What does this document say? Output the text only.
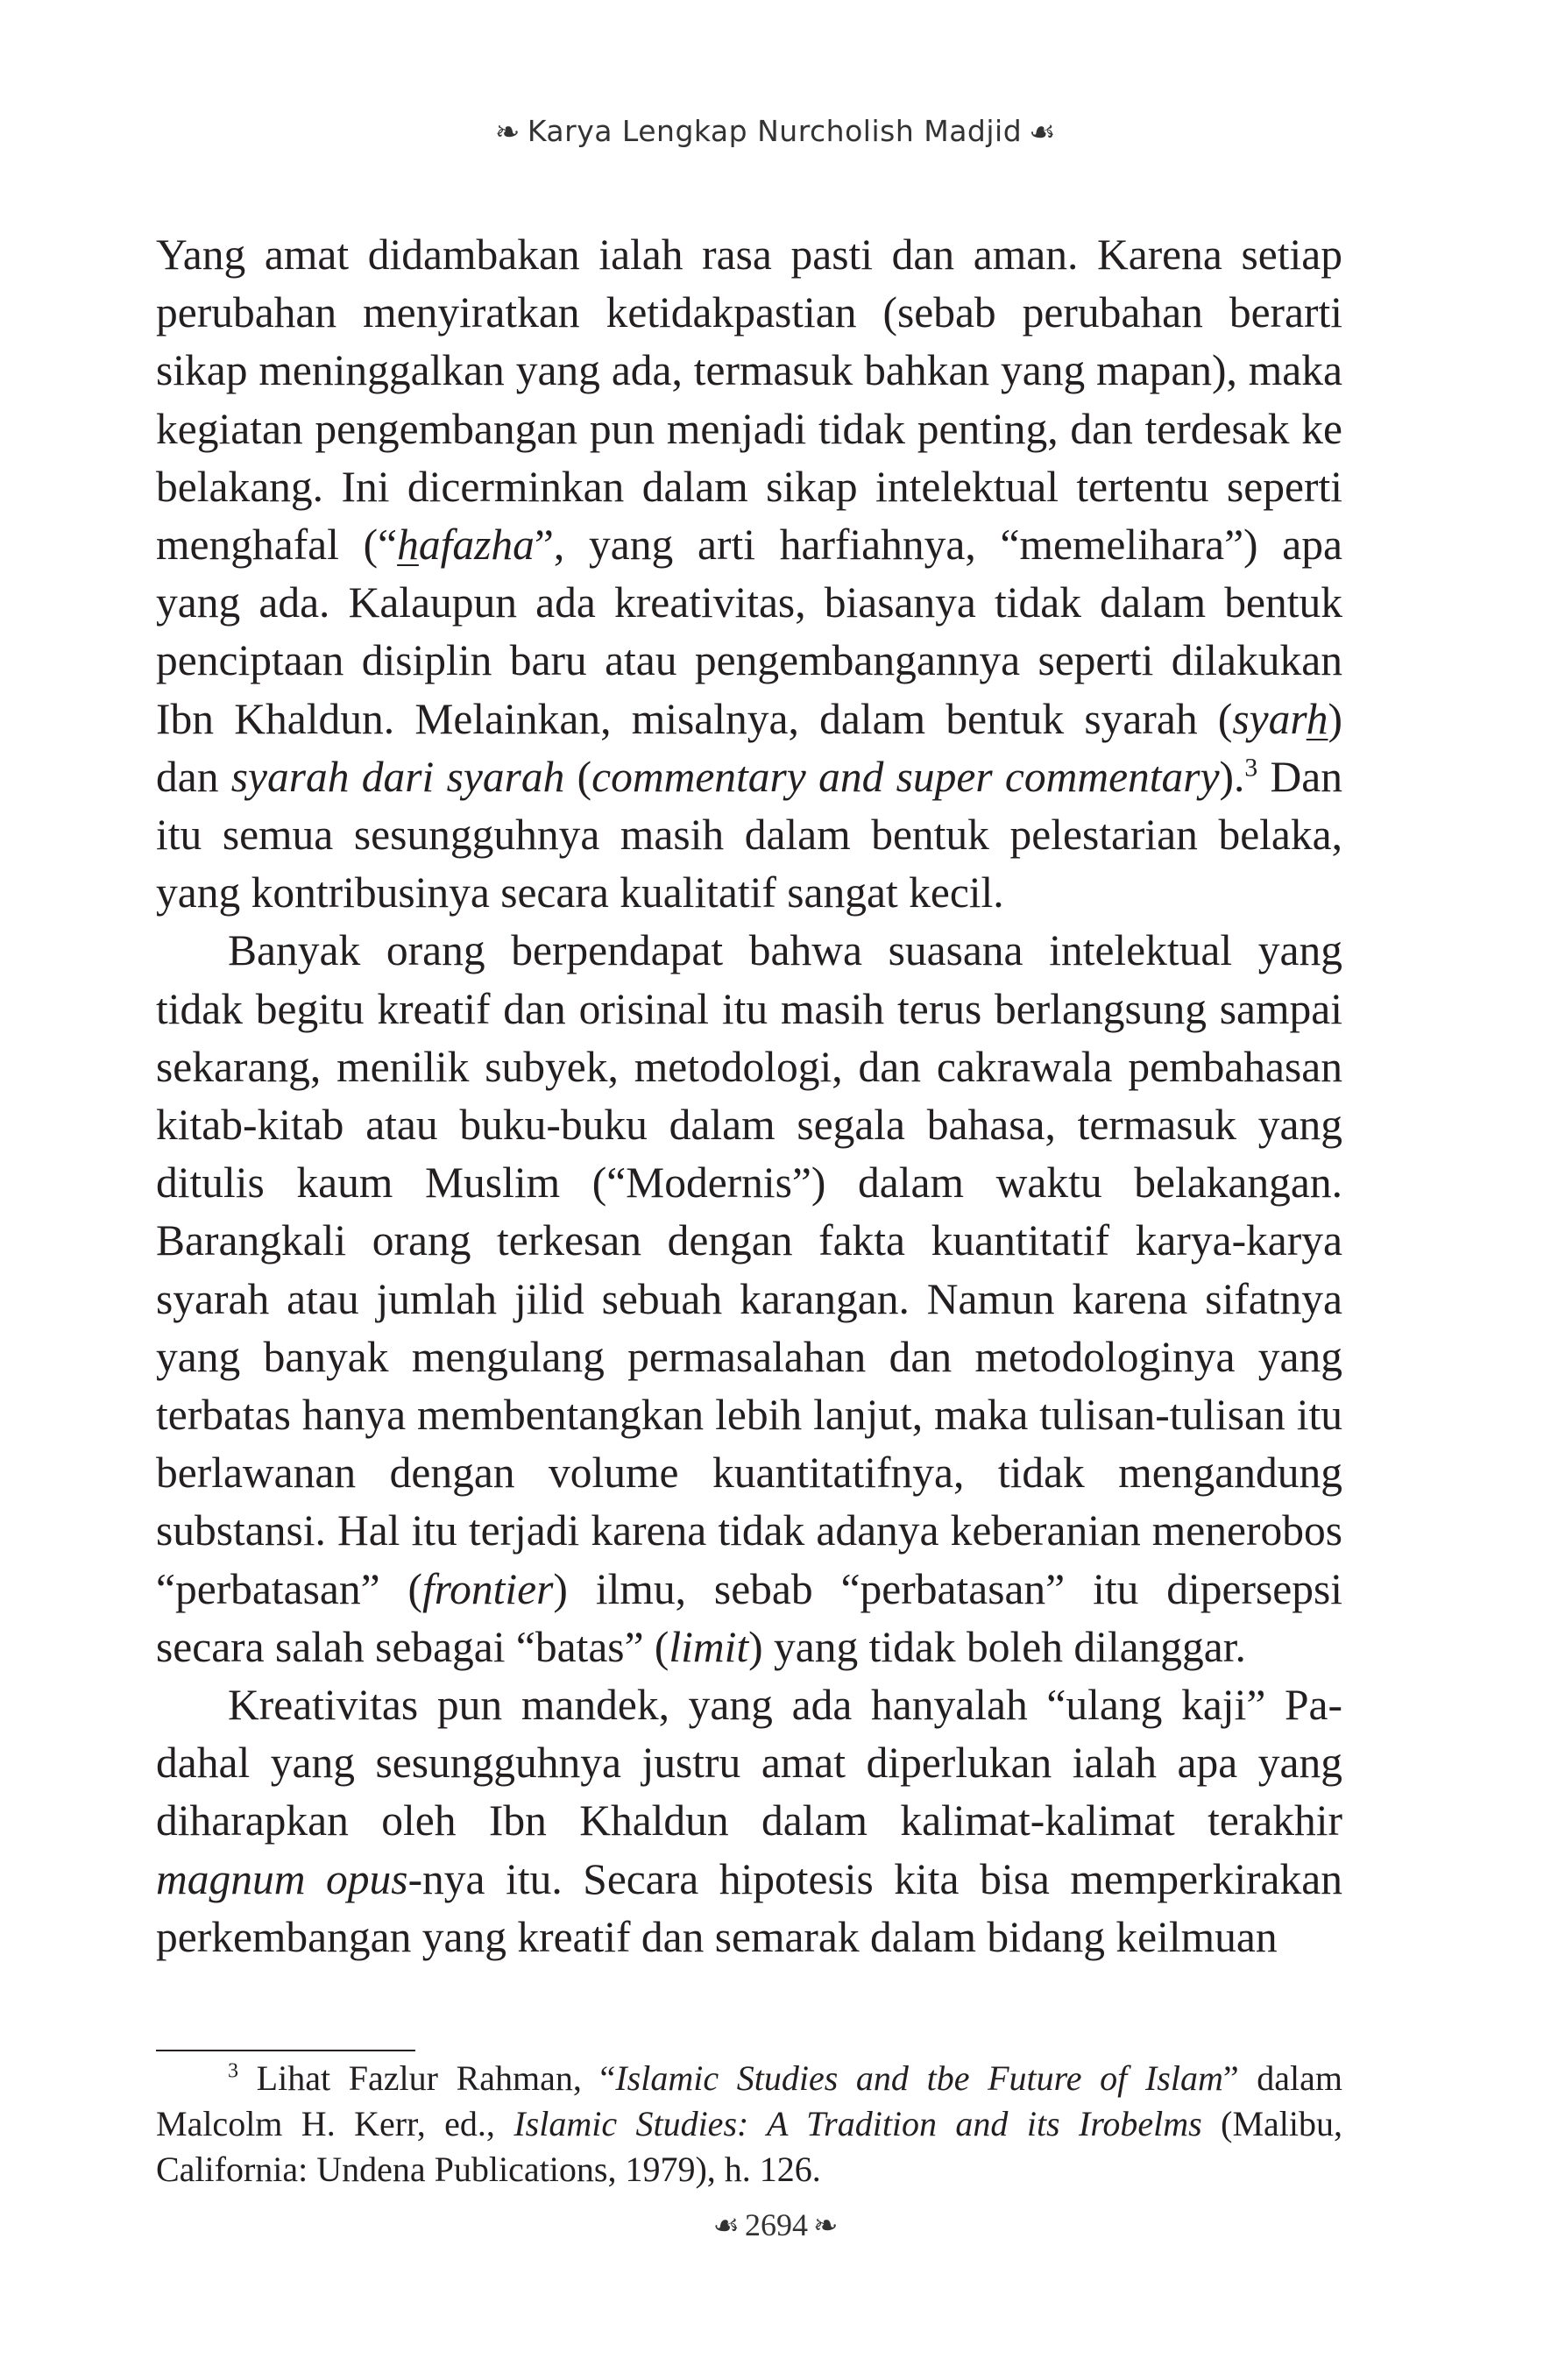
❧ Karya Lengkap Nurcholish Madjid ☙

Yang amat didambakan ialah rasa pasti dan aman. Karena setiap perubahan menyiratkan ketidakpastian (sebab perubahan berarti sikap meninggalkan yang ada, termasuk bahkan yang mapan), maka kegiatan pengembangan pun menjadi tidak penting, dan terdesak ke belakang. Ini dicerminkan dalam sikap intelektual tertentu seperti menghafal (“hafazha”, yang arti harfiahnya, “memelihara”) apa yang ada. Kalaupun ada kreativitas, biasanya tidak dalam bentuk penciptaan disiplin baru atau pengembangannya seperti dilakukan Ibn Khaldun. Melainkan, misalnya, dalam bentuk syarah (syarh) dan syarah dari syarah (commentary and super commentary).$^3$ Dan itu semua sesungguhnya masih dalam bentuk pelestarian belaka, yang kontribusinya secara kualitatif sangat kecil.

Banyak orang berpendapat bahwa suasana intelektual yang tidak begitu kreatif dan orisinal itu masih terus berlangsung sampai sekarang, menilik subyek, metodologi, dan cakrawala pembahasan kitab-kitab atau buku-buku dalam segala bahasa, termasuk yang ditulis kaum Muslim (“Modernis”) dalam waktu belakangan. Barangkali orang terkesan dengan fakta kuantitatif karya-karya syarah atau jumlah jilid sebuah karangan. Namun karena sifatnya yang banyak mengulang permasalahan dan metodologinya yang terbatas hanya membentangkan lebih lanjut, maka tulisan-tulisan itu berlawanan dengan volume kuantitatifnya, tidak mengandung substansi. Hal itu terjadi karena tidak adanya keberanian menerobos “perbatasan” (frontier) ilmu, sebab “perbatasan” itu dipersepsi secara salah sebagai “batas” (limit) yang tidak boleh dilanggar.

Kreativitas pun mandek, yang ada hanyalah “ulang kaji” Pa-dahal yang sesungguhnya justru amat diperlukan ialah apa yang diharapkan oleh Ibn Khaldun dalam kalimat-kalimat terakhir magnum opus-nya itu. Secara hipotesis kita bisa memperkirakan perkembangan yang kreatif dan semarak dalam bidang keilmuan

$^3$ Lihat Fazlur Rahman, “Islamic Studies and tbe Future of Islam” dalam Malcolm H. Kerr, ed., Islamic Studies: A Tradition and its Irobelms (Malibu, California: Undena Publications, 1979), h. 126.

☙ 2694 ❧
